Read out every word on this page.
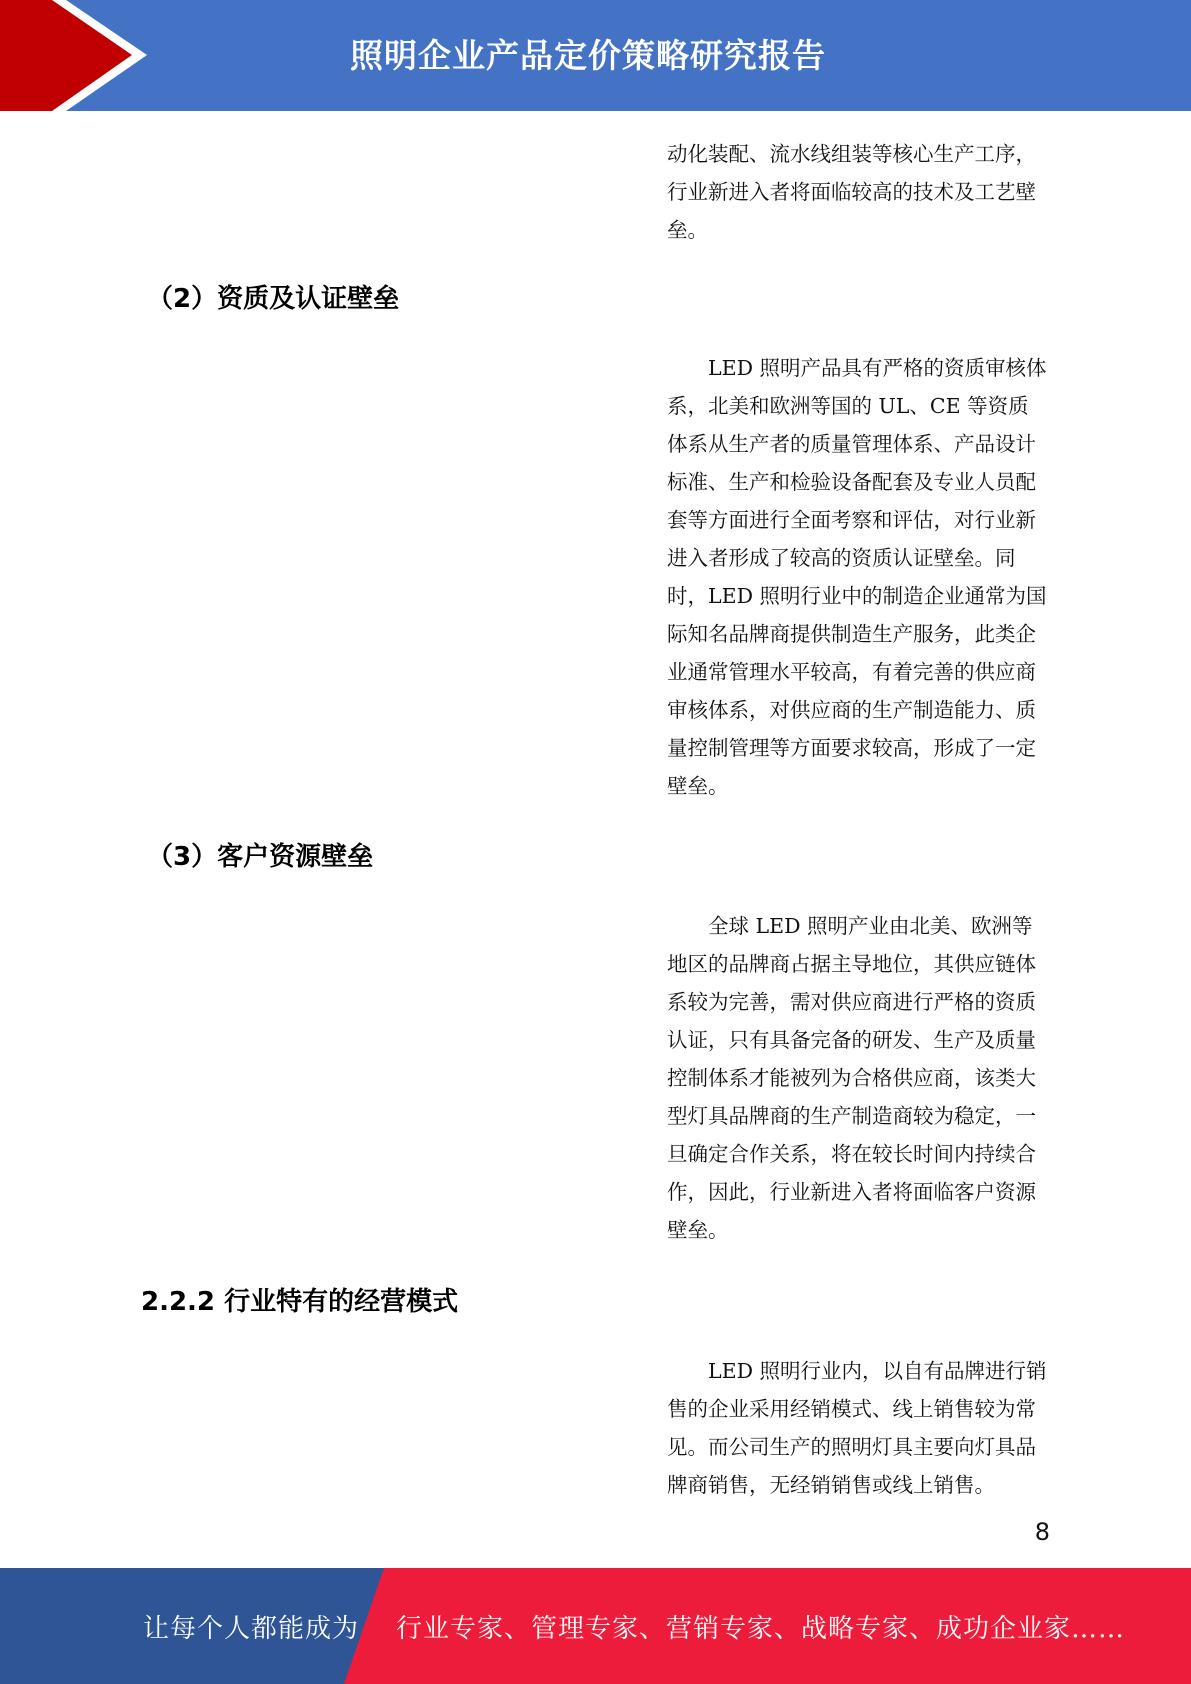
照明企业产品定价策略研究报告

动化装配、流水线组装等核心生产工序，行业新进入者将面临较高的技术及工艺壁垒。

（2）资质及认证壁垒

LED 照明产品具有严格的资质审核体系，北美和欧洲等国的 UL、CE 等资质体系从生产者的质量管理体系、产品设计标准、生产和检验设备配套及专业人员配套等方面进行全面考察和评估，对行业新进入者形成了较高的资质认证壁垒。同时，LED 照明行业中的制造企业通常为国际知名品牌商提供制造生产服务，此类企业通常管理水平较高，有着完善的供应商审核体系，对供应商的生产制造能力、质量控制管理等方面要求较高，形成了一定壁垒。

（3）客户资源壁垒

全球 LED 照明产业由北美、欧洲等地区的品牌商占据主导地位，其供应链体系较为完善，需对供应商进行严格的资质认证，只有具备完备的研发、生产及质量控制体系才能被列为合格供应商，该类大型灯具品牌商的生产制造商较为稳定，一旦确定合作关系，将在较长时间内持续合作，因此，行业新进入者将面临客户资源壁垒。

2.2.2 行业特有的经营模式

LED 照明行业内，以自有品牌进行销售的企业采用经销模式、线上销售较为常见。而公司生产的照明灯具主要向灯具品牌商销售，无经销销售或线上销售。

8
让每个人都能成为 行业专家、管理专家、营销专家、战略专家、成功企业家……
